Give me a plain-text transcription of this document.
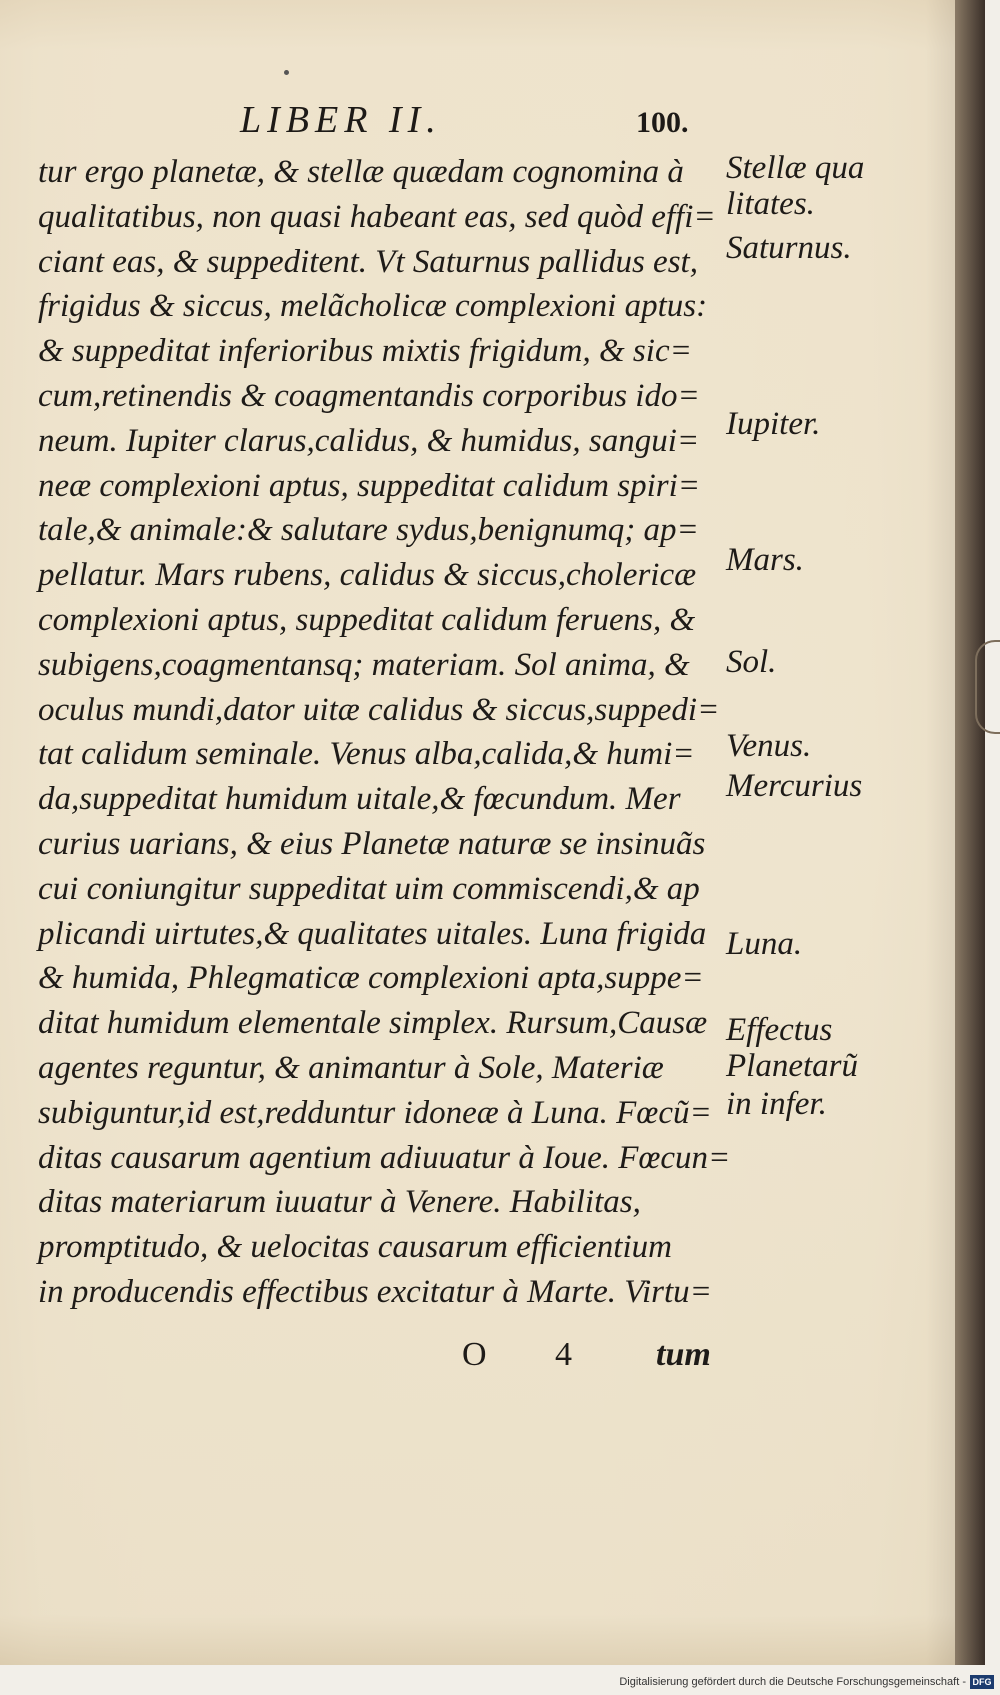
LIBER II.	100.
tur ergo planetæ, & stellæ quædam cognomina à
qualitatibus, non quasi habeant eas, sed quòd effi=
ciant eas, & suppeditent. Vt Saturnus pallidus est,
frigidus & siccus, melãcholicæ complexioni aptus:
& suppeditat inferioribus mixtis frigidum, & sic=
cum,retinendis & coagmentandis corporibus ido=
neum. Iupiter clarus,calidus, & humidus, sangui=
neæ complexioni aptus, suppeditat calidum spiri=
tale,& animale:& salutare sydus,benignumq; ap=
pellatur. Mars rubens, calidus & siccus,cholericæ
complexioni aptus, suppeditat calidum feruens, &
subigens,coagmentansq; materiam. Sol anima, &
oculus mundi,dator uitæ calidus & siccus,suppedi=
tat calidum seminale. Venus alba,calida,& humi=
da,suppeditat humidum uitale,& fœcundum. Mer
curius uarians, & eius Planetæ naturæ se insinuãs
cui coniungitur suppeditat uim commiscendi,& ap
plicandi uirtutes,& qualitates uitales. Luna frigida
& humida, Phlegmaticæ complexioni apta,suppe=
ditat humidum elementale simplex. Rursum,Causæ
agentes reguntur, & animantur à Sole, Materiæ
subiguntur,id est,redduntur idoneæ à Luna. Fœcũ=
ditas causarum agentium adiuuatur à Ioue. Fœcun=
ditas materiarum iuuatur à Venere. Habilitas,
promptitudo, & uelocitas causarum efficientium
in producendis effectibus excitatur à Marte. Virtu=
Stellæ qua
litates.
Saturnus.
Iupiter.
Mars.
Sol.
Venus.
Mercurius
Luna.
Effectus
Planetarũ
in infer.
O 4 tum
Digitalisierung gefördert durch die Deutsche Forschungsgemeinschaft - DFG
